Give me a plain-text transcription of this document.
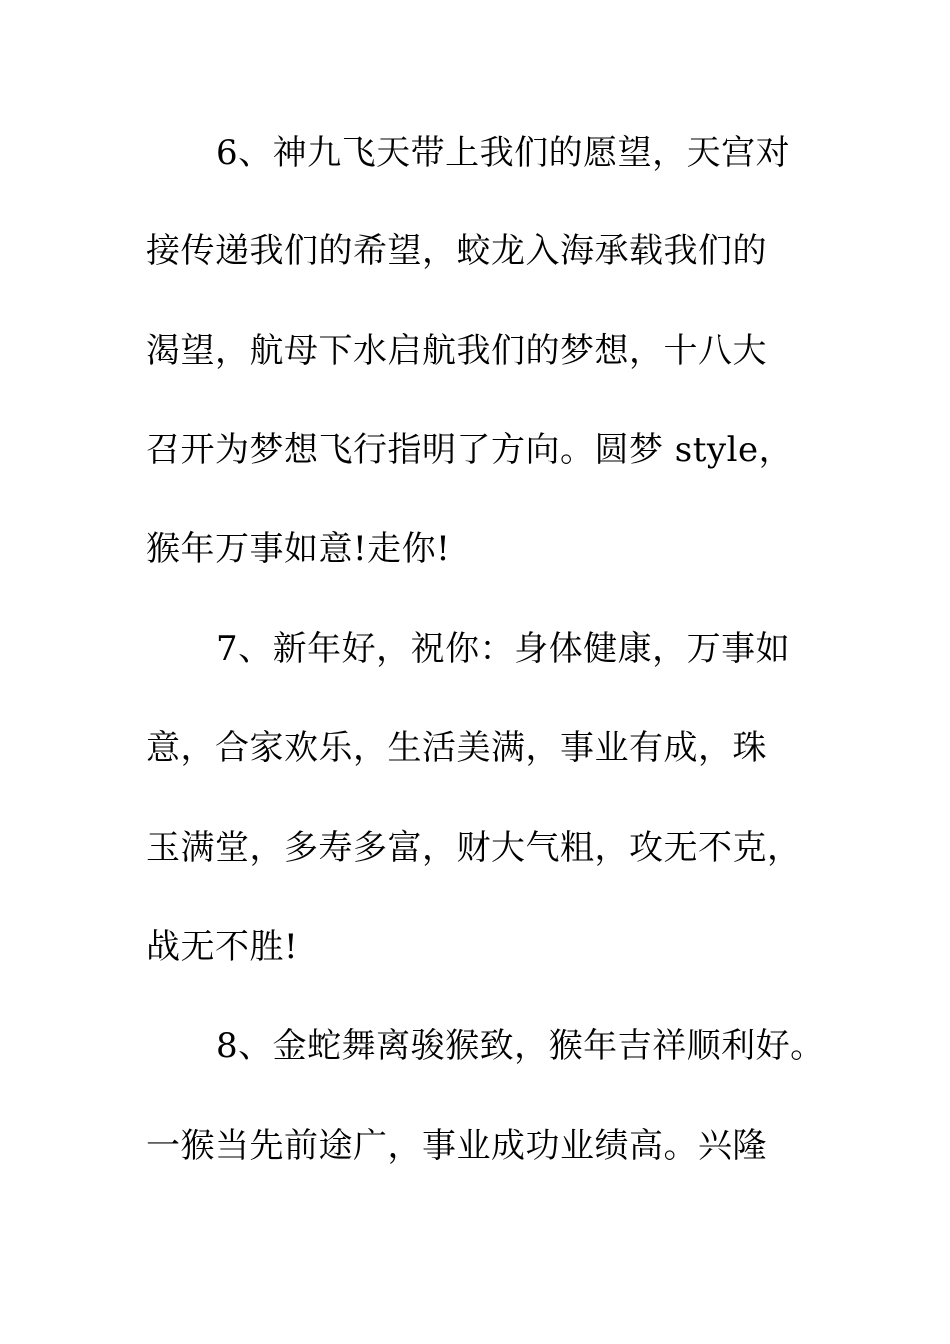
6、神九飞天带上我们的愿望，天宫对
接传递我们的希望，蛟龙入海承载我们的
渴望，航母下水启航我们的梦想，十八大
召开为梦想飞行指明了方向。圆梦 style，
猴年万事如意!走你!
7、新年好，祝你：身体健康，万事如
意，合家欢乐，生活美满，事业有成，珠
玉满堂，多寿多富，财大气粗，攻无不克，
战无不胜!
8、金蛇舞离骏猴致，猴年吉祥顺利好。
一猴当先前途广，事业成功业绩高。兴隆
